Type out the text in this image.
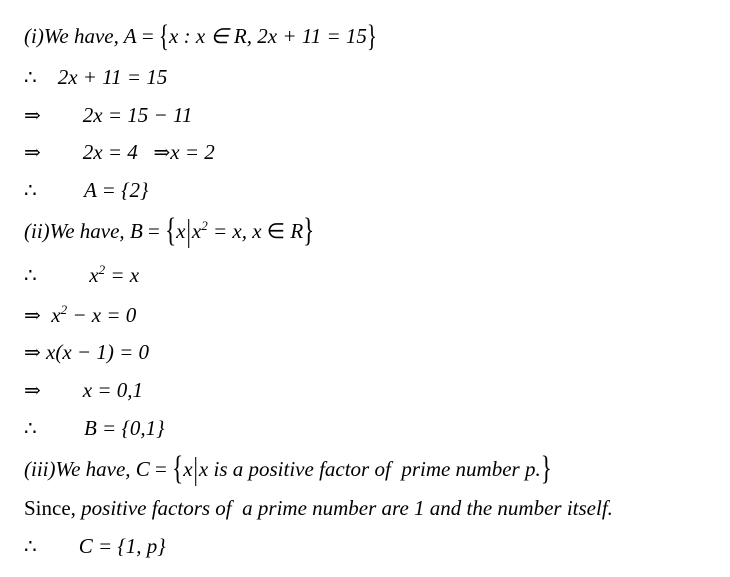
(i)We have, A = {x : x ∈ R, 2x + 11 = 15}

∴ 2x + 11 = 15

⇒ 2x = 15 − 11

⇒ 2x = 4 ⇒x = 2

∴ A = {2}

(ii)We have, $B = \{x|x^2 = x$, x ∈ R}

∴	$x^2 = x$

⇒ $x^2 - x = 0$

⇒ x(x − 1) = 0

⇒ x = 0,1

∴ B = {0,1}

(iii)We have, C = {x|x is a positive factor of  prime number p.}

Since, positive factors of  a prime number are 1 and the number itself.

∴ C = {1, p}
